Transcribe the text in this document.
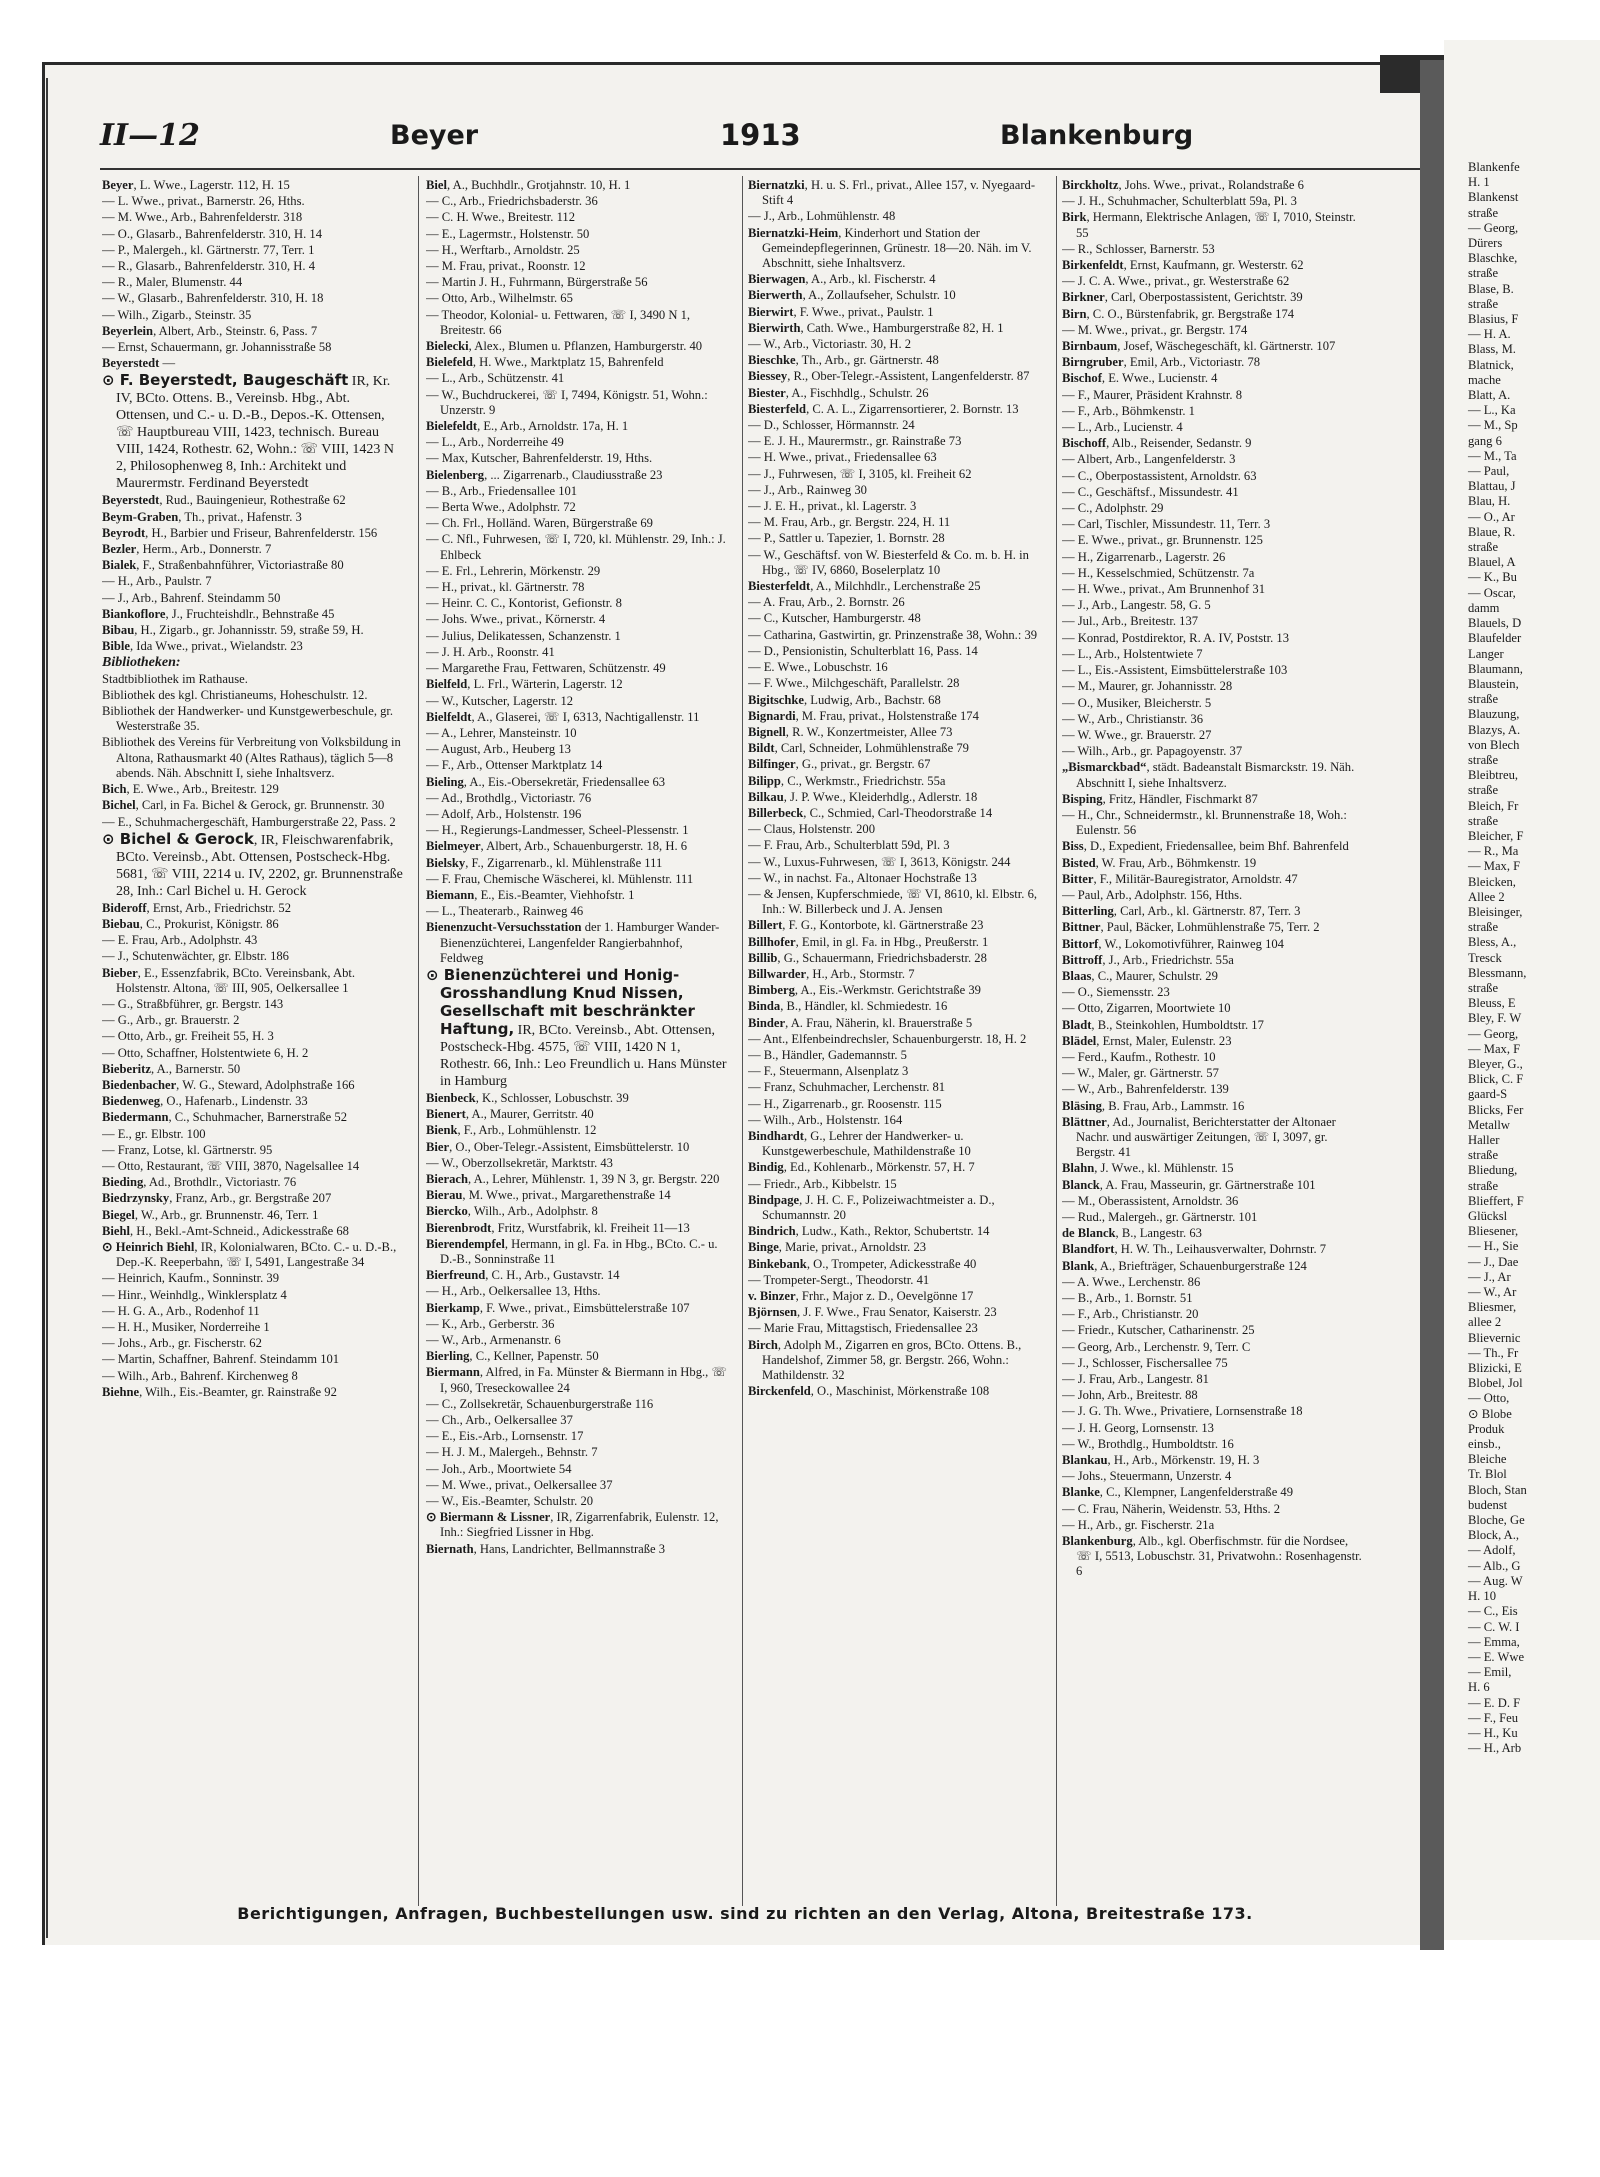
Blankenfe
H. 1
Blankenst
straße
— Georg,
Dürers
Blaschke,
straße
Blase, B.
straße
Blasius, F
— H. A.
Blass, M.
Blatnick,
mache
Blatt, A.
— L., Ka
— M., Sp
gang 6
— M., Ta
— Paul,
Blattau, J
Blau, H.
— O., Ar
Blaue, R.
straße
Blauel, A
— K., Bu
— Oscar,
damm
Blauels, D
Blaufelder
Langer
Blaumann,
Blaustein,
straße
Blauzung,
Blazys, A.
von Blech
straße
Bleibtreu,
straße
Bleich, Fr
straße
Bleicher, F
— R., Ma
— Max, F
Bleicken,
Allee 2
Bleisinger,
straße
Bless, A.,
Tresck
Blessmann,
straße
Bleuss, E
Bley, F. W
— Georg,
— Max, F
Bleyer, G.,
Blick, C. F
gaard-S
Blicks, Fer
Metallw
Haller
straße
Bliedung,
straße
Blieffert, F
Glücksl
Bliesener,
— H., Sie
— J., Dae
— J., Ar
— W., Ar
Bliesmer,
allee 2
Blievernic
— Th., Fr
Blizicki, E
Blobel, Jol
— Otto,
⊙ Blobe
Produk
einsb.,
Bleiche
Tr. Blol
Bloch, Stan
budenst
Bloche, Ge
Block, A.,
— Adolf,
— Alb., G
— Aug. W
H. 10
— C., Eis
— C. W. I
— Emma,
— E. Wwe
— Emil,
H. 6
— E. D. F
— F., Feu
— H., Ku
— H., Arb
II—12	Beyer	1913	Blankenburg
Beyer, L. Wwe., Lagerstr. 112, H. 15
— L. Wwe., privat., Barnerstr. 26, Hths.
— M. Wwe., Arb., Bahrenfelderstr. 318
— O., Glasarb., Bahrenfelderstr. 310, H. 14
— P., Malergeh., kl. Gärtnerstr. 77, Terr. 1
— R., Glasarb., Bahrenfelderstr. 310, H. 4
— R., Maler, Blumenstr. 44
— W., Glasarb., Bahrenfelderstr. 310, H. 18
— Wilh., Zigarb., Steinstr. 35
Beyerlein, Albert, Arb., Steinstr. 6, Pass. 7
— Ernst, Schauermann, gr. Johannisstraße 58
Beyerstedt —
⊙ F. Beyerstedt, Baugeschäft IR, Kr. IV, BCto. Ottens. B., Vereinsb. Hbg., Abt. Ottensen, und C.- u. D.-B., Depos.-K. Ottensen, ☏ Hauptbureau VIII, 1423, technisch. Bureau VIII, 1424, Rothestr. 62, Wohn.: ☏ VIII, 1423 N 2, Philosophenweg 8, Inh.: Architekt und Maurermstr. Ferdinand Beyerstedt
Beyerstedt, Rud., Bauingenieur, Rothestraße 62
Beym-Graben, Th., privat., Hafenstr. 3
Beyrodt, H., Barbier und Friseur, Bahrenfelderstr. 156
Bezler, Herm., Arb., Donnerstr. 7
Bialek, F., Straßenbahnführer, Victoriastraße 80
— H., Arb., Paulstr. 7
— J., Arb., Bahrenf. Steindamm 50
Biankoflore, J., Fruchteishdlr., Behnstraße 45
Bibau, H., Zigarb., gr. Johannisstr. 59, straße 59, H.
Bible, Ida Wwe., privat., Wielandstr. 23
Bibliotheken:
Stadtbibliothek im Rathause.
Bibliothek des kgl. Christianeums, Hoheschulstr. 12.
Bibliothek der Handwerker- und Kunstgewerbeschule, gr. Westerstraße 35.
Bibliothek des Vereins für Verbreitung von Volksbildung in Altona, Rathausmarkt 40 (Altes Rathaus), täglich 5—8 abends. Näh. Abschnitt I, siehe Inhaltsverz.
Bich, E. Wwe., Arb., Breitestr. 129
Bichel, Carl, in Fa. Bichel & Gerock, gr. Brunnenstr. 30
— E., Schuhmachergeschäft, Hamburgerstraße 22, Pass. 2
⊙ Bichel & Gerock, IR, Fleischwarenfabrik, BCto. Vereinsb., Abt. Ottensen, Postscheck-Hbg. 5681, ☏ VIII, 2214 u. IV, 2202, gr. Brunnenstraße 28, Inh.: Carl Bichel u. H. Gerock
Bideroff, Ernst, Arb., Friedrichstr. 52
Biebau, C., Prokurist, Königstr. 86
— E. Frau, Arb., Adolphstr. 43
— J., Schutenwächter, gr. Elbstr. 186
Bieber, E., Essenzfabrik, BCto. Vereinsbank, Abt. Holstenstr. Altona, ☏ III, 905, Oelkersallee 1
— G., Straßbführer, gr. Bergstr. 143
— G., Arb., gr. Brauerstr. 2
— Otto, Arb., gr. Freiheit 55, H. 3
— Otto, Schaffner, Holstentwiete 6, H. 2
Bieberitz, A., Barnerstr. 50
Biedenbacher, W. G., Steward, Adolphstraße 166
Biedenweg, O., Hafenarb., Lindenstr. 33
Biedermann, C., Schuhmacher, Barnerstraße 52
— E., gr. Elbstr. 100
— Franz, Lotse, kl. Gärtnerstr. 95
— Otto, Restaurant, ☏ VIII, 3870, Nagelsallee 14
Bieding, Ad., Brothdlr., Victoriastr. 76
Biedrzynsky, Franz, Arb., gr. Bergstraße 207
Biegel, W., Arb., gr. Brunnenstr. 46, Terr. 1
Biehl, H., Bekl.-Amt-Schneid., Adickesstraße 68
⊙ Heinrich Biehl, IR, Kolonialwaren, BCto. C.- u. D.-B., Dep.-K. Reeperbahn, ☏ I, 5491, Langestraße 34
— Heinrich, Kaufm., Sonninstr. 39
— Hinr., Weinhdlg., Winklersplatz 4
— H. G. A., Arb., Rodenhof 11
— H. H., Musiker, Norderreihe 1
— Johs., Arb., gr. Fischerstr. 62
— Martin, Schaffner, Bahrenf. Steindamm 101
— Wilh., Arb., Bahrenf. Kirchenweg 8
Biehne, Wilh., Eis.-Beamter, gr. Rainstraße 92
Biel, A., Buchhdlr., Grotjahnstr. 10, H. 1
— C., Arb., Friedrichsbaderstr. 36
— C. H. Wwe., Breitestr. 112
— E., Lagermstr., Holstenstr. 50
— H., Werftarb., Arnoldstr. 25
— M. Frau, privat., Roonstr. 12
— Martin J. H., Fuhrmann, Bürgerstraße 56
— Otto, Arb., Wilhelmstr. 65
— Theodor, Kolonial- u. Fettwaren, ☏ I, 3490 N 1, Breitestr. 66
Bielecki, Alex., Blumen u. Pflanzen, Hamburgerstr. 40
Bielefeld, H. Wwe., Marktplatz 15, Bahrenfeld
— L., Arb., Schützenstr. 41
— W., Buchdruckerei, ☏ I, 7494, Königstr. 51, Wohn.: Unzerstr. 9
Bielefeldt, E., Arb., Arnoldstr. 17a, H. 1
— L., Arb., Norderreihe 49
— Max, Kutscher, Bahrenfelderstr. 19, Hths.
Bielenberg, ... Zigarrenarb., Claudiusstraße 23
— B., Arb., Friedensallee 101
— Berta Wwe., Adolphstr. 72
— Ch. Frl., Holländ. Waren, Bürgerstraße 69
— C. Nfl., Fuhrwesen, ☏ I, 720, kl. Mühlenstr. 29, Inh.: J. Ehlbeck
— E. Frl., Lehrerin, Mörkenstr. 29
— H., privat., kl. Gärtnerstr. 78
— Heinr. C. C., Kontorist, Gefionstr. 8
— Johs. Wwe., privat., Körnerstr. 4
— Julius, Delikatessen, Schanzenstr. 1
— J. H. Arb., Roonstr. 41
— Margarethe Frau, Fettwaren, Schützenstr. 49
Bielfeld, L. Frl., Wärterin, Lagerstr. 12
— W., Kutscher, Lagerstr. 12
Bielfeldt, A., Glaserei, ☏ I, 6313, Nachtigallenstr. 11
— A., Lehrer, Mansteinstr. 10
— August, Arb., Heuberg 13
— F., Arb., Ottenser Marktplatz 14
Bieling, A., Eis.-Obersekretär, Friedensallee 63
— Ad., Brothdlg., Victoriastr. 76
— Adolf, Arb., Holstenstr. 196
— H., Regierungs-Landmesser, Scheel-Plessenstr. 1
Bielmeyer, Albert, Arb., Schauenburgerstr. 18, H. 6
Bielsky, F., Zigarrenarb., kl. Mühlenstraße 111
— F. Frau, Chemische Wäscherei, kl. Mühlenstr. 111
Biemann, E., Eis.-Beamter, Viehhofstr. 1
— L., Theaterarb., Rainweg 46
Bienenzucht-Versuchsstation der 1. Hamburger Wander-Bienenzüchterei, Langenfelder Rangierbahnhof, Feldweg
⊙ Bienenzüchterei und Honig-Grosshandlung Knud Nissen, Gesellschaft mit beschränkter Haftung, IR, BCto. Vereinsb., Abt. Ottensen, Postscheck-Hbg. 4575, ☏ VIII, 1420 N 1, Rothestr. 66, Inh.: Leo Freundlich u. Hans Münster in Hamburg
Bienbeck, K., Schlosser, Lobuschstr. 39
Bienert, A., Maurer, Gerritstr. 40
Bienk, F., Arb., Lohmühlenstr. 12
Bier, O., Ober-Telegr.-Assistent, Eimsbüttelerstr. 10
— W., Oberzollsekretär, Marktstr. 43
Bierach, A., Lehrer, Mühlenstr. 1, 39 N 3, gr. Bergstr. 220
Bierau, M. Wwe., privat., Margarethenstraße 14
Biercko, Wilh., Arb., Adolphstr. 8
Bierenbrodt, Fritz, Wurstfabrik, kl. Freiheit 11—13
Bierendempfel, Hermann, in gl. Fa. in Hbg., BCto. C.- u. D.-B., Sonninstraße 11
Bierfreund, C. H., Arb., Gustavstr. 14
— H., Arb., Oelkersallee 13, Hths.
Bierkamp, F. Wwe., privat., Eimsbüttelerstraße 107
— K., Arb., Gerberstr. 36
— W., Arb., Armenanstr. 6
Bierling, C., Kellner, Papenstr. 50
Biermann, Alfred, in Fa. Münster & Biermann in Hbg., ☏ I, 960, Treseckowallee 24
— C., Zollsekretär, Schauenburgerstraße 116
— Ch., Arb., Oelkersallee 37
— E., Eis.-Arb., Lornsenstr. 17
— H. J. M., Malergeh., Behnstr. 7
— Joh., Arb., Moortwiete 54
— M. Wwe., privat., Oelkersallee 37
— W., Eis.-Beamter, Schulstr. 20
⊙ Biermann & Lissner, IR, Zigarrenfabrik, Eulenstr. 12, Inh.: Siegfried Lissner in Hbg.
Biernath, Hans, Landrichter, Bellmannstraße 3
Biernatzki, H. u. S. Frl., privat., Allee 157, v. Nyegaard-Stift 4
— J., Arb., Lohmühlenstr. 48
Biernatzki-Heim, Kinderhort und Station der Gemeindepflegerinnen, Grünestr. 18—20. Näh. im V. Abschnitt, siehe Inhaltsverz.
Bierwagen, A., Arb., kl. Fischerstr. 4
Bierwerth, A., Zollaufseher, Schulstr. 10
Bierwirt, F. Wwe., privat., Paulstr. 1
Bierwirth, Cath. Wwe., Hamburgerstraße 82, H. 1
— W., Arb., Victoriastr. 30, H. 2
Bieschke, Th., Arb., gr. Gärtnerstr. 48
Biessey, R., Ober-Telegr.-Assistent, Langenfelderstr. 87
Biester, A., Fischhdlg., Schulstr. 26
Biesterfeld, C. A. L., Zigarrensortierer, 2. Bornstr. 13
— D., Schlosser, Hörmannstr. 24
— E. J. H., Maurermstr., gr. Rainstraße 73
— H. Wwe., privat., Friedensallee 63
— J., Fuhrwesen, ☏ I, 3105, kl. Freiheit 62
— J., Arb., Rainweg 30
— J. E. H., privat., kl. Lagerstr. 3
— M. Frau, Arb., gr. Bergstr. 224, H. 11
— P., Sattler u. Tapezier, 1. Bornstr. 28
— W., Geschäftsf. von W. Biesterfeld & Co. m. b. H. in Hbg., ☏ IV, 6860, Boselerplatz 10
Biesterfeldt, A., Milchhdlr., Lerchenstraße 25
— A. Frau, Arb., 2. Bornstr. 26
— C., Kutscher, Hamburgerstr. 48
— Catharina, Gastwirtin, gr. Prinzenstraße 38, Wohn.: 39
— D., Pensionistin, Schulterblatt 16, Pass. 14
— E. Wwe., Lobuschstr. 16
— F. Wwe., Milchgeschäft, Parallelstr. 28
Bigitschke, Ludwig, Arb., Bachstr. 68
Bignardi, M. Frau, privat., Holstenstraße 174
Bignell, R. W., Konzertmeister, Allee 73
Bildt, Carl, Schneider, Lohmühlenstraße 79
Bilfinger, G., privat., gr. Bergstr. 67
Bilipp, C., Werkmstr., Friedrichstr. 55a
Bilkau, J. P. Wwe., Kleiderhdlg., Adlerstr. 18
Billerbeck, C., Schmied, Carl-Theodorstraße 14
— Claus, Holstenstr. 200
— F. Frau, Arb., Schulterblatt 59d, Pl. 3
— W., Luxus-Fuhrwesen, ☏ I, 3613, Königstr. 244
— W., in nachst. Fa., Altonaer Hochstraße 13
— & Jensen, Kupferschmiede, ☏ VI, 8610, kl. Elbstr. 6, Inh.: W. Billerbeck und J. A. Jensen
Billert, F. G., Kontorbote, kl. Gärtnerstraße 23
Billhofer, Emil, in gl. Fa. in Hbg., Preußerstr. 1
Billib, G., Schauermann, Friedrichsbaderstr. 28
Billwarder, H., Arb., Stormstr. 7
Bimberg, A., Eis.-Werkmstr. Gerichtstraße 39
Binda, B., Händler, kl. Schmiedestr. 16
Binder, A. Frau, Näherin, kl. Brauerstraße 5
— Ant., Elfenbeindrechsler, Schauenburgerstr. 18, H. 2
— B., Händler, Gademannstr. 5
— F., Steuermann, Alsenplatz 3
— Franz, Schuhmacher, Lerchenstr. 81
— H., Zigarrenarb., gr. Roosenstr. 115
— Wilh., Arb., Holstenstr. 164
Bindhardt, G., Lehrer der Handwerker- u. Kunstgewerbeschule, Mathildenstraße 10
Bindig, Ed., Kohlenarb., Mörkenstr. 57, H. 7
— Friedr., Arb., Kibbelstr. 15
Bindpage, J. H. C. F., Polizeiwachtmeister a. D., Schumannstr. 20
Bindrich, Ludw., Kath., Rektor, Schubertstr. 14
Binge, Marie, privat., Arnoldstr. 23
Binkebank, O., Trompeter, Adickesstraße 40
— Trompeter-Sergt., Theodorstr. 41
v. Binzer, Frhr., Major z. D., Oevelgönne 17
Björnsen, J. F. Wwe., Frau Senator, Kaiserstr. 23
— Marie Frau, Mittagstisch, Friedensallee 23
Birch, Adolph M., Zigarren en gros, BCto. Ottens. B., Handelshof, Zimmer 58, gr. Bergstr. 266, Wohn.: Mathildenstr. 32
Birckenfeld, O., Maschinist, Mörkenstraße 108
Birckholtz, Johs. Wwe., privat., Rolandstraße 6
— J. H., Schuhmacher, Schulterblatt 59a, Pl. 3
Birk, Hermann, Elektrische Anlagen, ☏ I, 7010, Steinstr. 55
— R., Schlosser, Barnerstr. 53
Birkenfeldt, Ernst, Kaufmann, gr. Westerstr. 62
— J. C. A. Wwe., privat., gr. Westerstraße 62
Birkner, Carl, Oberpostassistent, Gerichtstr. 39
Birn, C. O., Bürstenfabrik, gr. Bergstraße 174
— M. Wwe., privat., gr. Bergstr. 174
Birnbaum, Josef, Wäschegeschäft, kl. Gärtnerstr. 107
Birngruber, Emil, Arb., Victoriastr. 78
Bischof, E. Wwe., Lucienstr. 4
— F., Maurer, Präsident Krahnstr. 8
— F., Arb., Böhmkenstr. 1
— L., Arb., Lucienstr. 4
Bischoff, Alb., Reisender, Sedanstr. 9
— Albert, Arb., Langenfelderstr. 3
— C., Oberpostassistent, Arnoldstr. 63
— C., Geschäftsf., Missundestr. 41
— C., Adolphstr. 29
— Carl, Tischler, Missundestr. 11, Terr. 3
— E. Wwe., privat., gr. Brunnenstr. 125
— H., Zigarrenarb., Lagerstr. 26
— H., Kesselschmied, Schützenstr. 7a
— H. Wwe., privat., Am Brunnenhof 31
— J., Arb., Langestr. 58, G. 5
— Jul., Arb., Breitestr. 137
— Konrad, Postdirektor, R. A. IV, Poststr. 13
— L., Arb., Holstentwiete 7
— L., Eis.-Assistent, Eimsbüttelerstraße 103
— M., Maurer, gr. Johannisstr. 28
— O., Musiker, Bleicherstr. 5
— W., Arb., Christianstr. 36
— W. Wwe., gr. Brauerstr. 27
— Wilh., Arb., gr. Papagoyenstr. 37
„Bismarckbad“, städt. Badeanstalt Bismarckstr. 19. Näh. Abschnitt I, siehe Inhaltsverz.
Bisping, Fritz, Händler, Fischmarkt 87
— H., Chr., Schneidermstr., kl. Brunnenstraße 18, Woh.: Eulenstr. 56
Biss, D., Expedient, Friedensallee, beim Bhf. Bahrenfeld
Bisted, W. Frau, Arb., Böhmkenstr. 19
Bitter, F., Militär-Bauregistrator, Arnoldstr. 47
— Paul, Arb., Adolphstr. 156, Hths.
Bitterling, Carl, Arb., kl. Gärtnerstr. 87, Terr. 3
Bittner, Paul, Bäcker, Lohmühlenstraße 75, Terr. 2
Bittorf, W., Lokomotivführer, Rainweg 104
Bittroff, J., Arb., Friedrichstr. 55a
Blaas, C., Maurer, Schulstr. 29
— O., Siemensstr. 23
— Otto, Zigarren, Moortwiete 10
Bladt, B., Steinkohlen, Humboldtstr. 17
Blädel, Ernst, Maler, Eulenstr. 23
— Ferd., Kaufm., Rothestr. 10
— W., Maler, gr. Gärtnerstr. 57
— W., Arb., Bahrenfelderstr. 139
Bläsing, B. Frau, Arb., Lammstr. 16
Blättner, Ad., Journalist, Berichterstatter der Altonaer Nachr. und auswärtiger Zeitungen, ☏ I, 3097, gr. Bergstr. 41
Blahn, J. Wwe., kl. Mühlenstr. 15
Blanck, A. Frau, Masseurin, gr. Gärtnerstraße 101
— M., Oberassistent, Arnoldstr. 36
— Rud., Malergeh., gr. Gärtnerstr. 101
de Blanck, B., Langestr. 63
Blandfort, H. W. Th., Leihausverwalter, Dohrnstr. 7
Blank, A., Briefträger, Schauenburgerstraße 124
— A. Wwe., Lerchenstr. 86
— B., Arb., 1. Bornstr. 51
— F., Arb., Christianstr. 20
— Friedr., Kutscher, Catharinenstr. 25
— Georg, Arb., Lerchenstr. 9, Terr. C
— J., Schlosser, Fischersallee 75
— J. Frau, Arb., Langestr. 81
— John, Arb., Breitestr. 88
— J. G. Th. Wwe., Privatiere, Lornsenstraße 18
— J. H. Georg, Lornsenstr. 13
— W., Brothdlg., Humboldtstr. 16
Blankau, H., Arb., Mörkenstr. 19, H. 3
— Johs., Steuermann, Unzerstr. 4
Blanke, C., Klempner, Langenfelderstraße 49
— C. Frau, Näherin, Weidenstr. 53, Hths. 2
— H., Arb., gr. Fischerstr. 21a
Blankenburg, Alb., kgl. Oberfischmstr. für die Nordsee, ☏ I, 5513, Lobuschstr. 31, Privatwohn.: Rosenhagenstr. 6
Berichtigungen, Anfragen, Buchbestellungen usw. sind zu richten an den Verlag, Altona, Breitestraße 173.
